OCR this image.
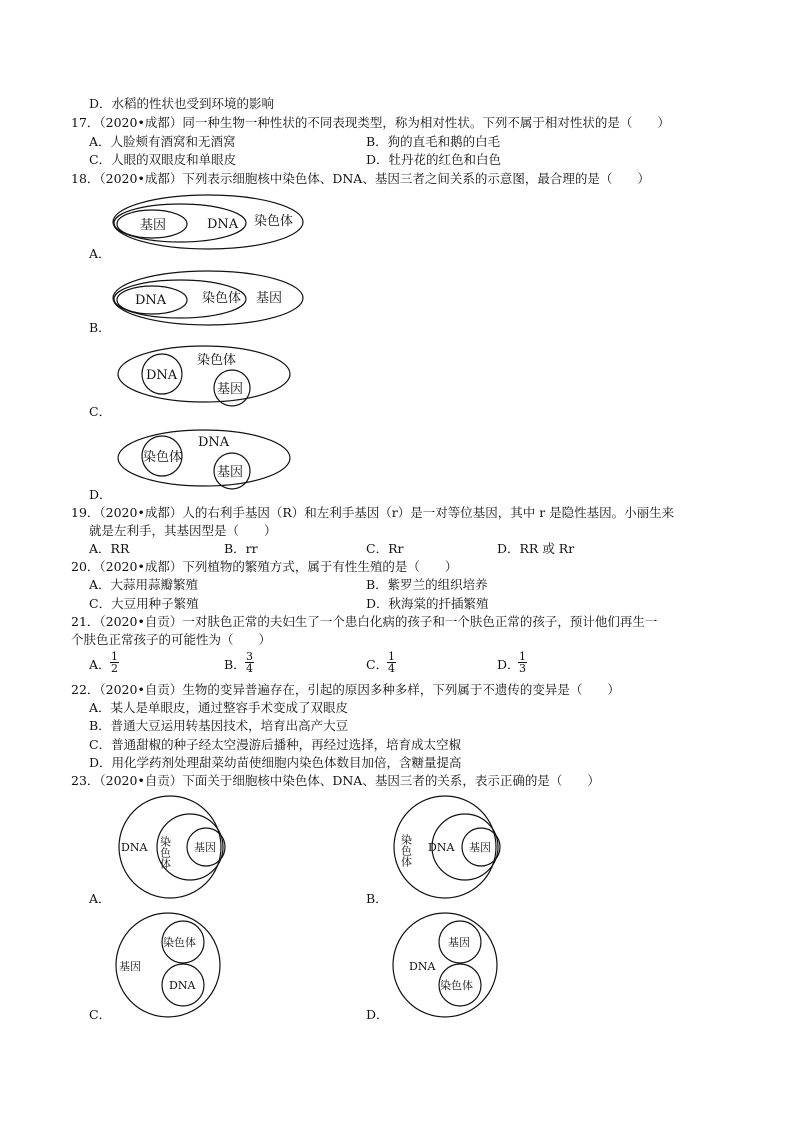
D．水稻的性状也受到环境的影响
17．（2020•成都）同一种生物一种性状的不同表现类型，称为相对性状。下列不属于相对性状的是（　　）
A．人脸颊有酒窝和无酒窝	B．狗的直毛和鹅的白毛
C．人眼的双眼皮和单眼皮	D．牡丹花的红色和白色
18．（2020•成都）下列表示细胞核中染色体、DNA、基因三者之间关系的示意图，最合理的是（　　）
基因	DNA 染色体
A．
DNA	染色体 基因
B．
染色体
DNA
基因
C．
DNA
染色体
基因
D．
19．（2020•成都）人的右利手基因（R）和左利手基因（r）是一对等位基因，其中 r 是隐性基因。小丽生来
就是左利手，其基因型是（　　）
A．RR	B．rr	C．Rr	D．RR 或 Rr
20．（2020•成都）下列植物的繁殖方式，属于有性生殖的是（　　）
A．大蒜用蒜瓣繁殖	B．紫罗兰的组织培养
C．大豆用种子繁殖	D．秋海棠的扦插繁殖
21．（2020•自贡）一对肤色正常的夫妇生了一个患白化病的孩子和一个肤色正常的孩子，预计他们再生一
个肤色正常孩子的可能性为（　　）
A． $\frac{1}{2}$	B． $\frac{3}{4}$	C．
$\frac{1}{4}$	D．
$\frac{1}{3}$
22．（2020•自贡）生物的变异普遍存在，引起的原因多种多样，下列属于不遗传的变异是（　　）
A．某人是单眼皮，通过整容手术变成了双眼皮
B．普通大豆运用转基因技术，培育出高产大豆
C．普通甜椒的种子经太空漫游后播种，再经过选择，培育成太空椒
D．用化学药剂处理甜菜幼苗使细胞内染色体数目加倍，含糖量提高
23．（2020•自贡）下面关于细胞核中染色体、DNA、基因三者的关系，表示正确的是（　　）
DNA 染色体 基因
A．
染色体 DNA 基因
B．
基因
染色体
DNA
C．
DNA
基因
染色体
D．
